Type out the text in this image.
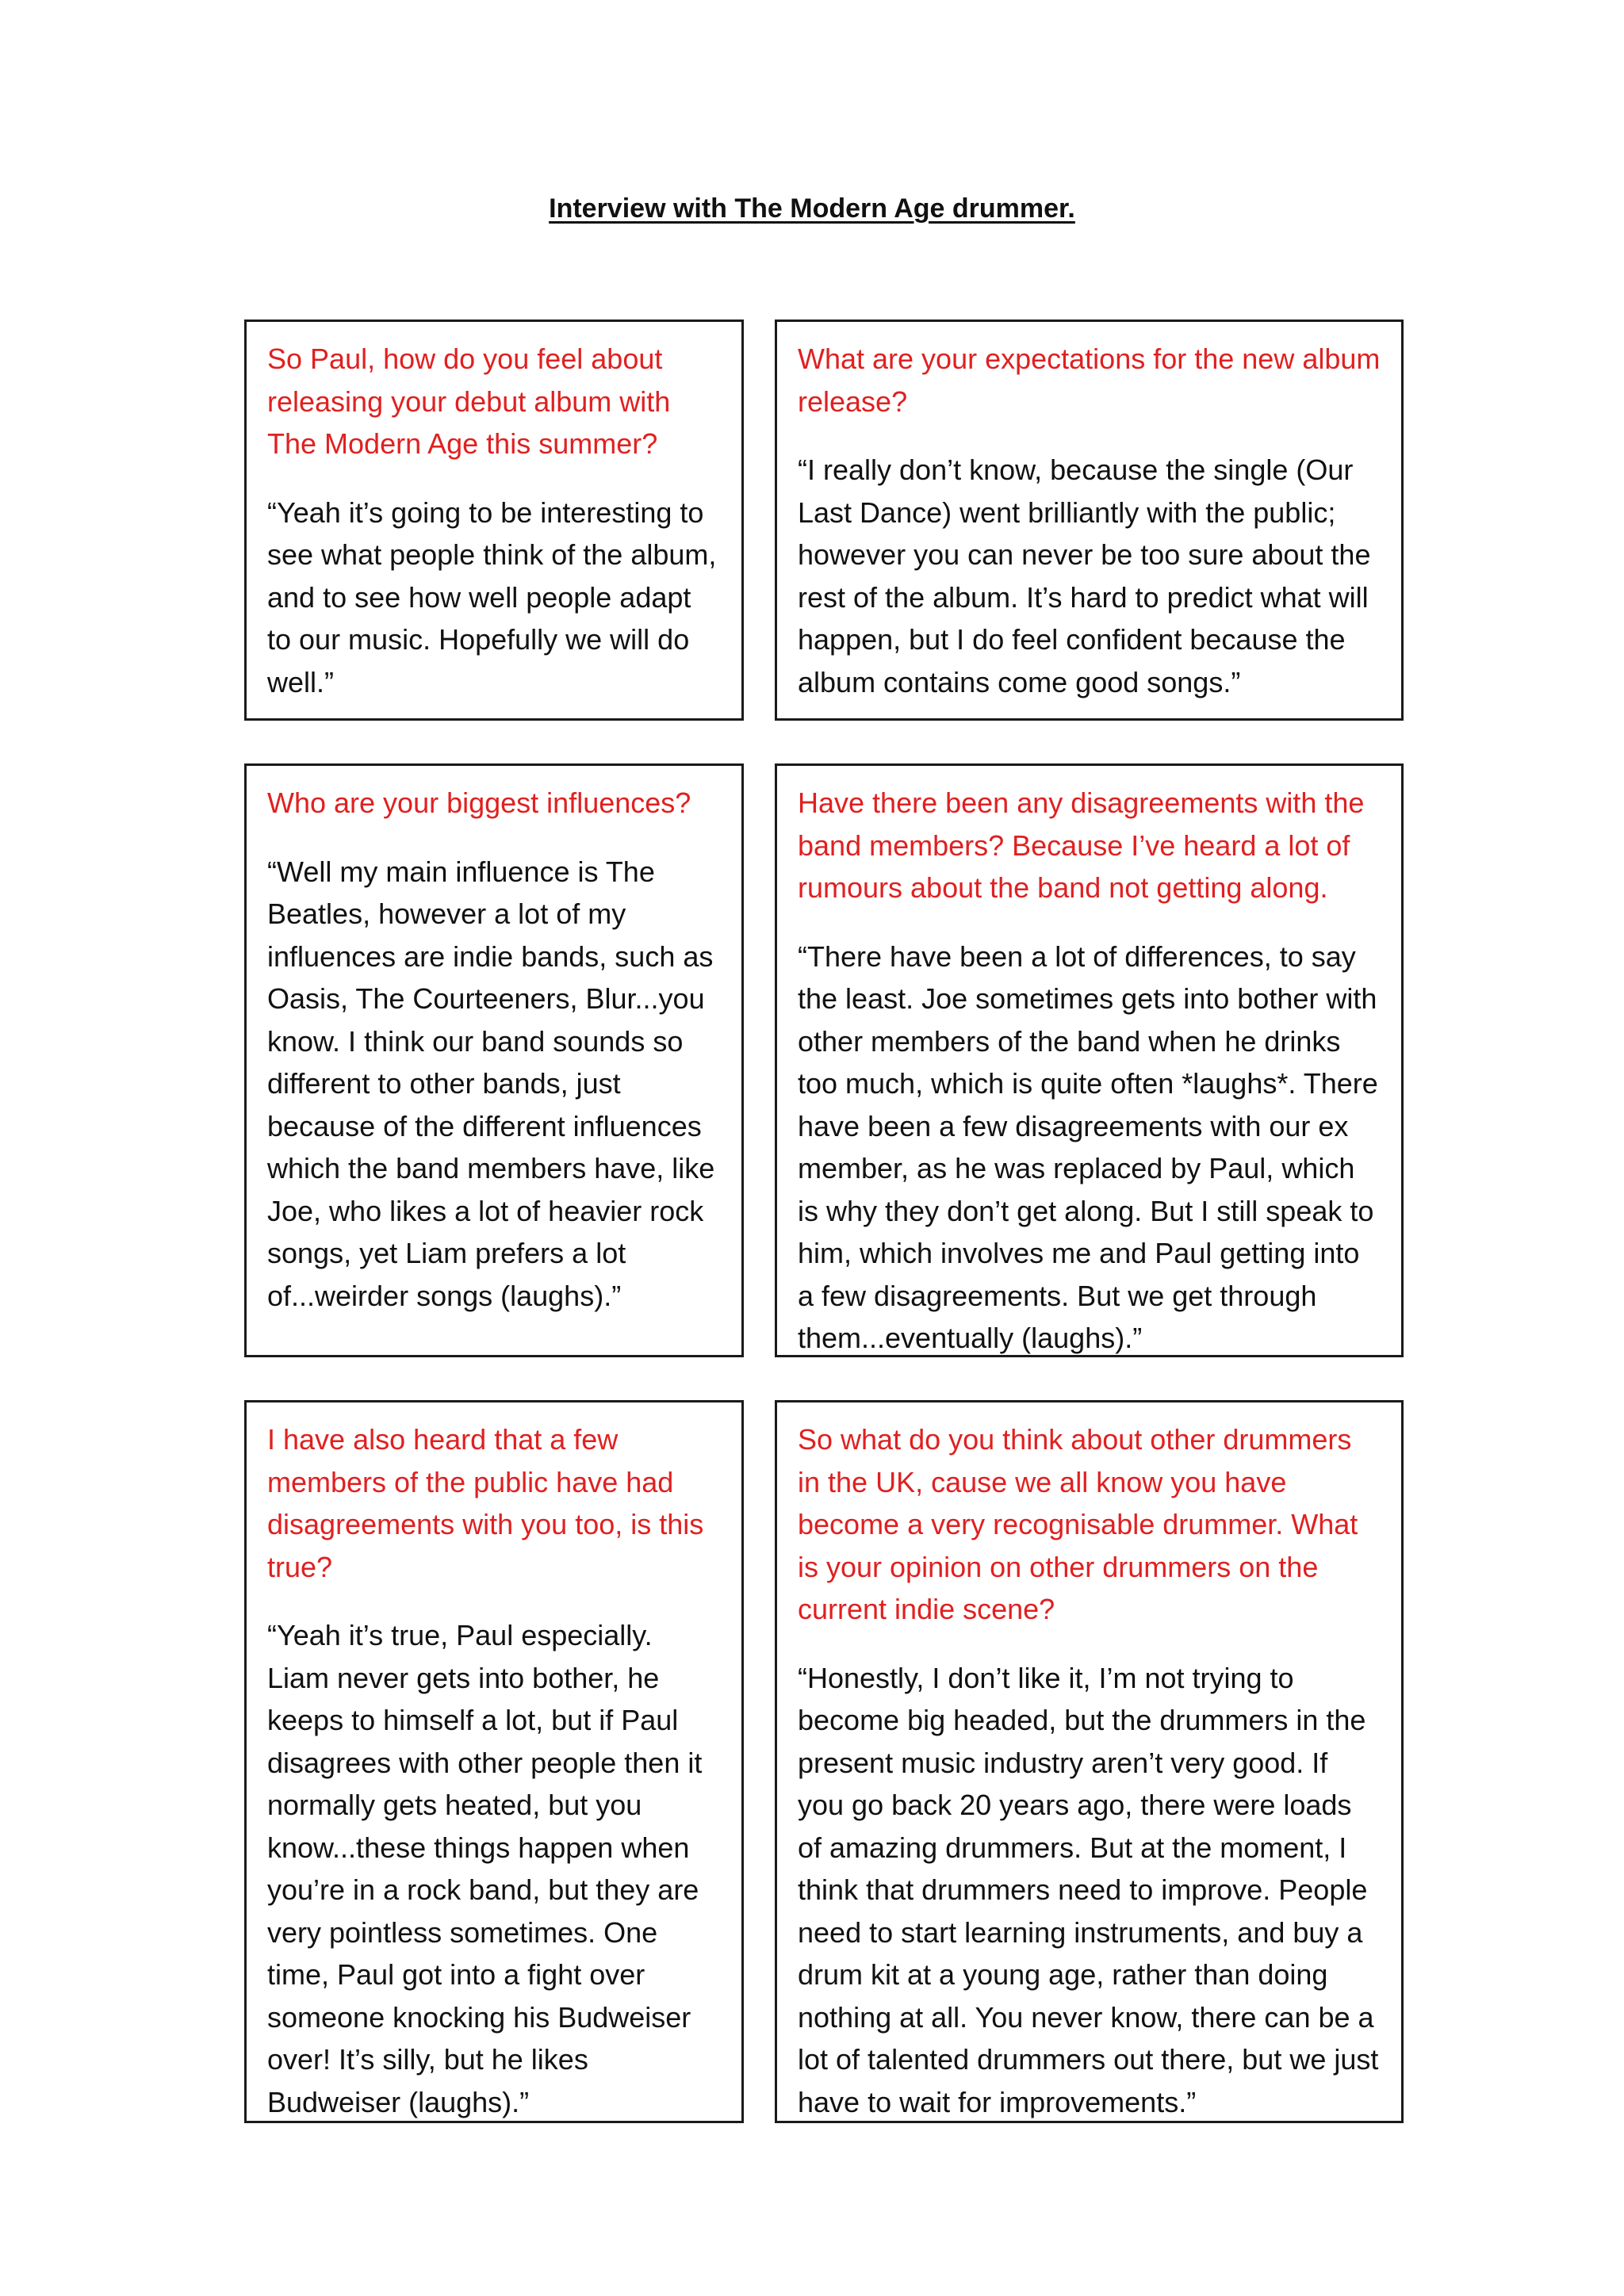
Interview with The Modern Age drummer.

So Paul, how do you feel about releasing your debut album with The Modern Age this summer?

“Yeah it’s going to be interesting to see what people think of the album, and to see how well people adapt to our music. Hopefully we will do well.”

What are your expectations for the new album release?

“I really don’t know, because the single (Our Last Dance) went brilliantly with the public; however you can never be too sure about the rest of the album. It’s hard to predict what will happen, but I do feel confident because the album contains come good songs.”

Who are your biggest influences?

“Well my main influence is The Beatles, however a lot of my influences are indie bands, such as Oasis, The Courteeners, Blur...you know. I think our band sounds so different to other bands, just because of the different influences which the band members have, like Joe, who likes a lot of heavier rock songs, yet Liam prefers a lot of...weirder songs (laughs).”

Have there been any disagreements with the band members? Because I’ve heard a lot of rumours about the band not getting along.

“There have been a lot of differences, to say the least. Joe sometimes gets into bother with other members of the band when he drinks too much, which is quite often *laughs*. There have been a few disagreements with our ex member, as he was replaced by Paul, which is why they don’t get along. But I still speak to him, which involves me and Paul getting into a few disagreements. But we get through them...eventually (laughs).”

I have also heard that a few members of the public have had disagreements with you too, is this true?

“Yeah it’s true, Paul especially. Liam never gets into bother, he keeps to himself a lot, but if Paul disagrees with other people then it normally gets heated, but you know...these things happen when you’re in a rock band, but they are very pointless sometimes. One time, Paul got into a fight over someone knocking his Budweiser over! It’s silly, but he likes Budweiser (laughs).”

So what do you think about other drummers in the UK, cause we all know you have become a very recognisable drummer. What is your opinion on other drummers on the current indie scene?

“Honestly, I don’t like it, I’m not trying to become big headed, but the drummers in the present music industry aren’t very good. If you go back 20 years ago, there were loads of amazing drummers. But at the moment, I think that drummers need to improve. People need to start learning instruments, and buy a drum kit at a young age, rather than doing nothing at all. You never know, there can be a lot of talented drummers out there, but we just have to wait for improvements.”
